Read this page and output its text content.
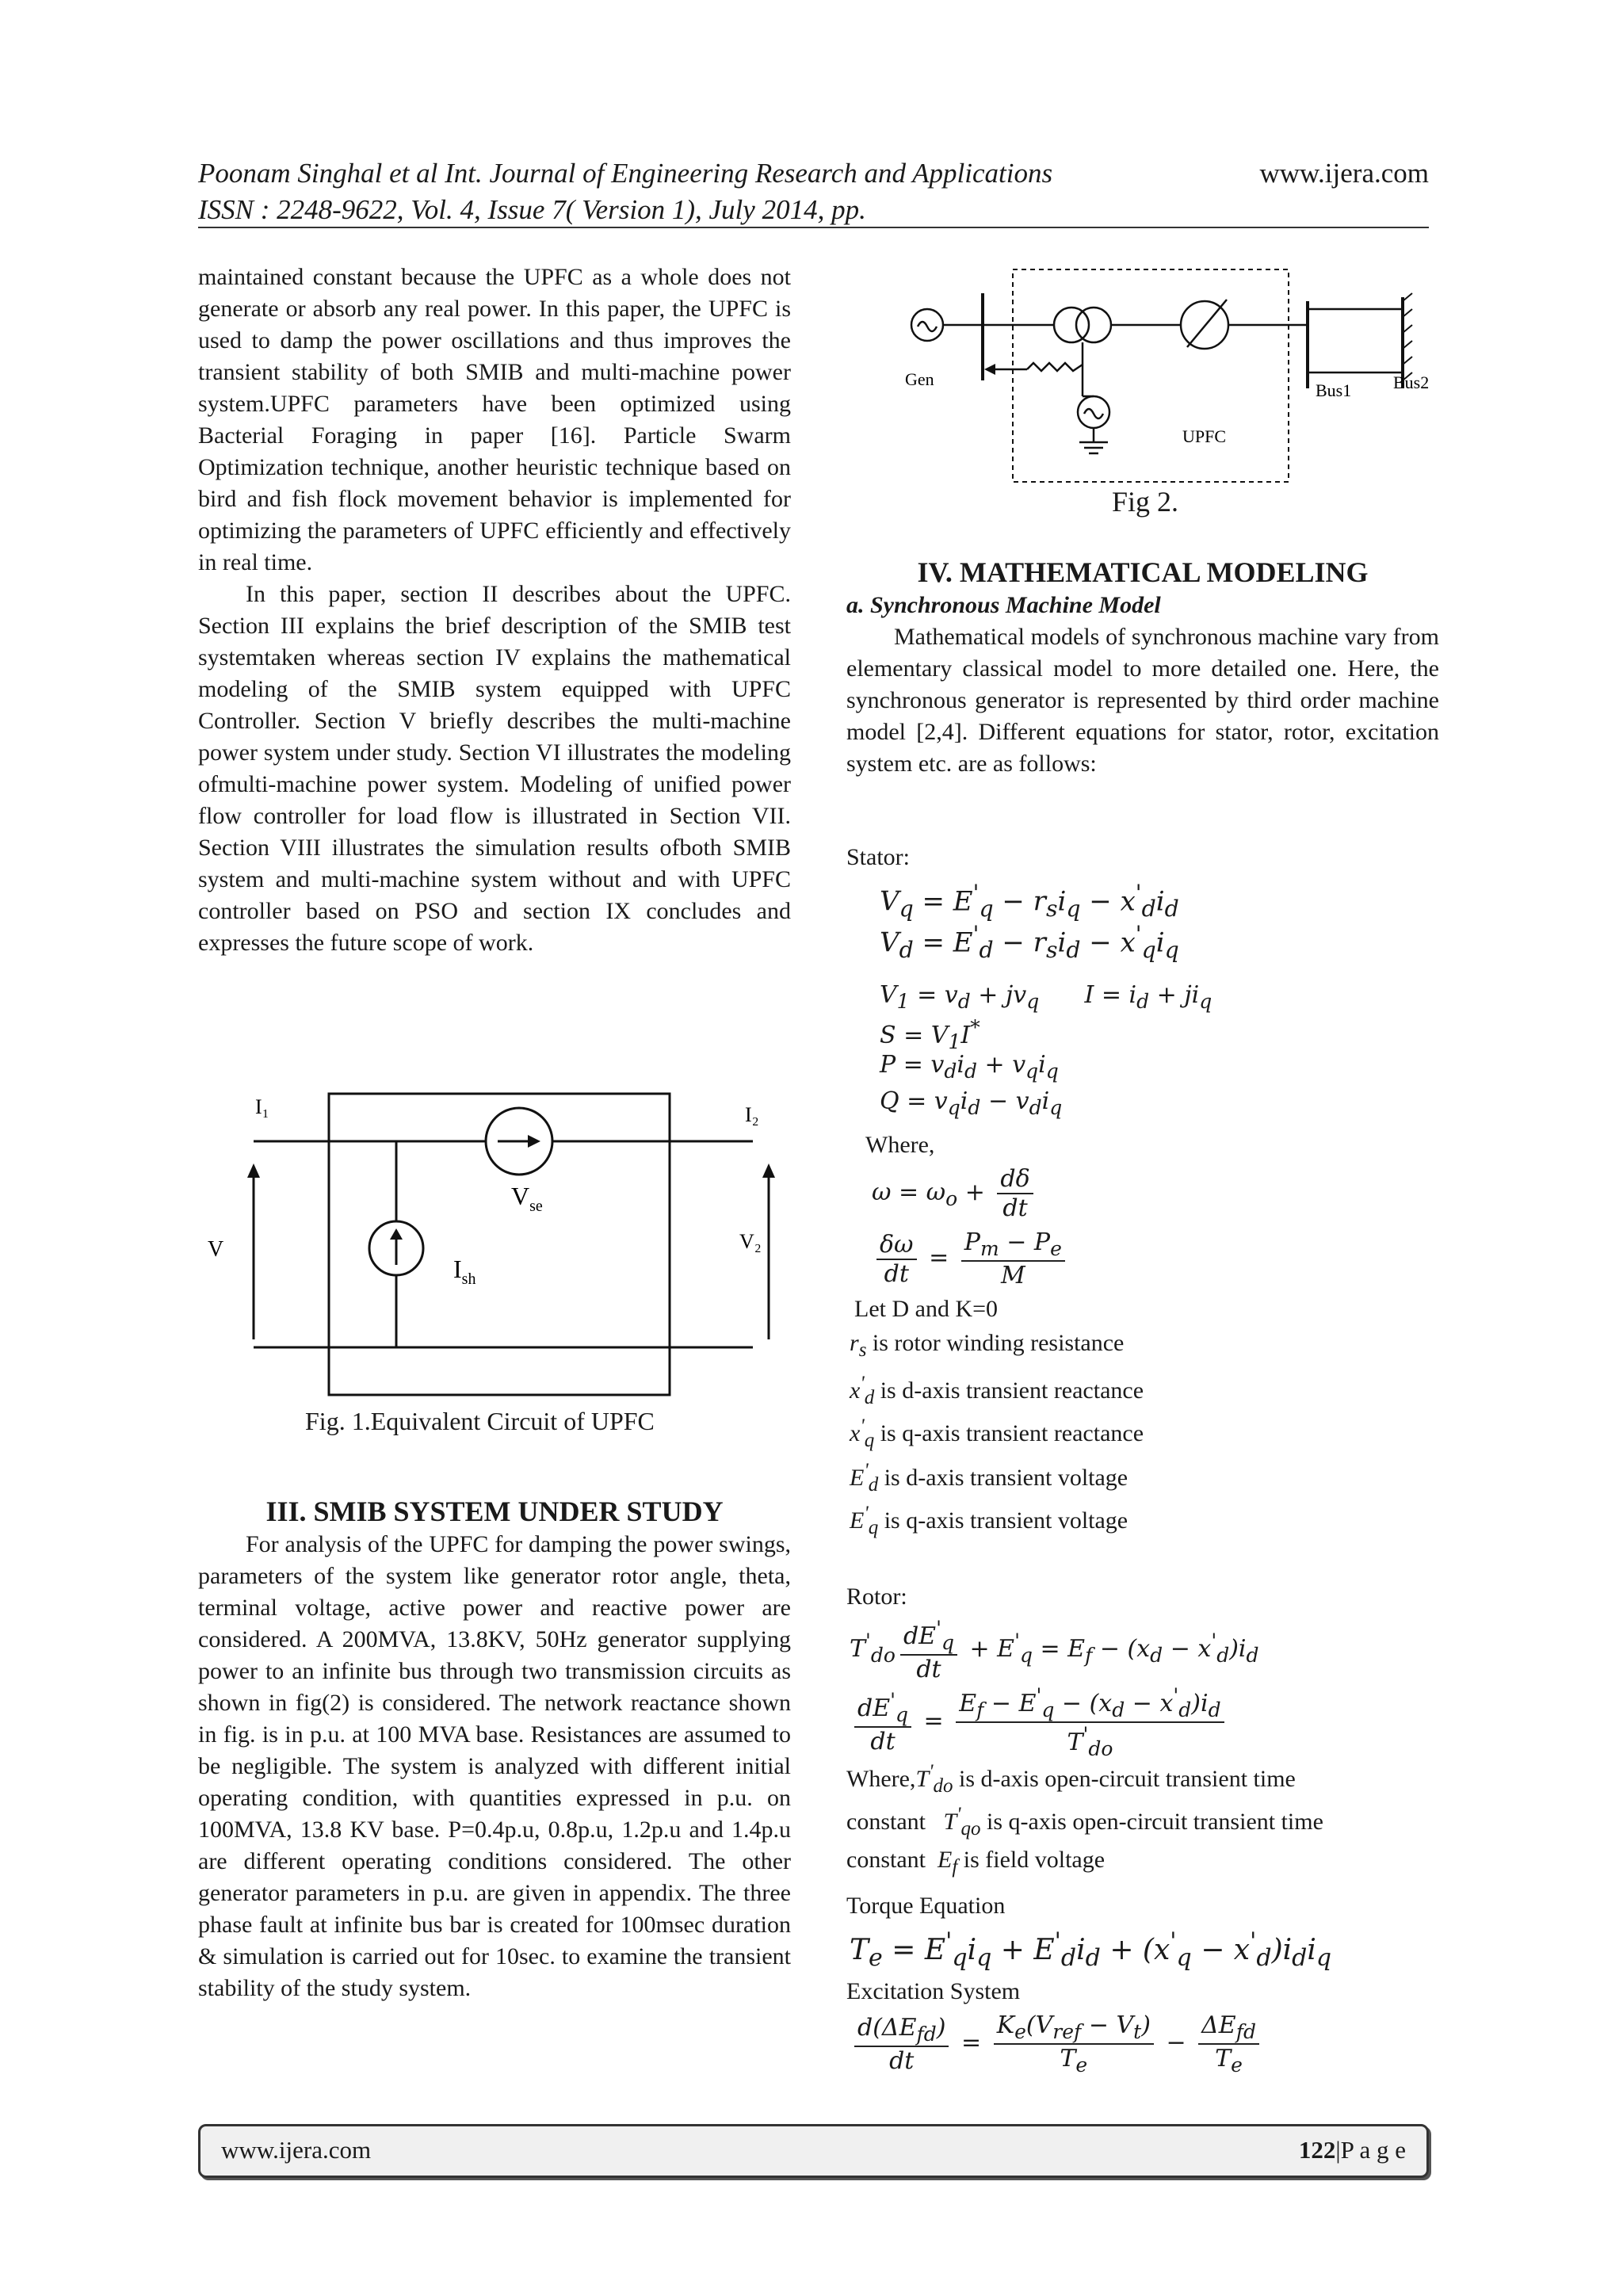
Poonam Singhal et al Int. Journal of Engineering Research and Applications
ISSN : 2248-9622, Vol. 4, Issue 7( Version 1), July 2014, pp.
www.ijera.com

maintained constant because the UPFC as a whole does not generate or absorb any real power. In this paper, the UPFC is used to damp the power oscillations and thus improves the transient stability of both SMIB and multi-machine power system.UPFC parameters have been optimized using Bacterial Foraging in paper [16]. Particle Swarm Optimization technique, another heuristic technique based on bird and fish flock movement behavior is implemented for optimizing the parameters of UPFC efficiently and effectively in real time.

In this paper, section II describes about the UPFC. Section III explains the brief description of the SMIB test systemtaken whereas section IV explains the mathematical modeling of the SMIB system equipped with UPFC Controller. Section V briefly describes the multi-machine power system under study. Section VI illustrates the modeling ofmulti-machine power system. Modeling of unified power flow controller for load flow is illustrated in Section VII. Section VIII illustrates the simulation results ofboth SMIB system and multi-machine system without and with UPFC controller based on PSO and section IX concludes and expresses the future scope of work.

I₁	I₂
V	V₂
$V_{se}$
$I_{sh}$
Fig. 1.Equivalent Circuit of UPFC
III. SMIB SYSTEM UNDER STUDY

For analysis of the UPFC for damping the power swings, parameters of the system like generator rotor angle, theta, terminal voltage, active power and reactive power are considered. A 200MVA, 13.8KV, 50Hz generator supplying power to an infinite bus through two transmission circuits as shown in fig(2) is considered. The network reactance shown in fig. is in p.u. at 100 MVA base. Resistances are assumed to be negligible. The system is analyzed with different initial operating condition, with quantities expressed in p.u. on 100MVA, 13.8 KV base. P=0.4p.u, 0.8p.u, 1.2p.u and 1.4p.u are different operating conditions considered. The other generator parameters in p.u. are given in appendix. The three phase fault at infinite bus bar is created for 100msec duration & simulation is carried out for 10sec. to examine the transient stability of the study system.

Gen
Bus1 Bus2
UPFC
Fig 2.
IV. MATHEMATICAL MODELING
a. Synchronous Machine Model

Mathematical models of synchronous machine vary from elementary classical model to more detailed one. Here, the synchronous generator is represented by third order machine model [2,4]. Different equations for stator, rotor, excitation system etc. are as follows:

Stator:
$V_q = E'_q - r_si_q - x'_di_d$
$V_d = E'_d - r_si_d - x'_qi_q$
$V_1 = v_d + jv_q$      $I = i_d + ji_q$
$S = V_1I^*$
$P = v_di_d + v_qi_q$
$Q = v_qi_d - v_di_q$
Where,
$\omega = \omega_o + \frac{d\delta}{dt}$
$\frac{\delta\omega}{dt} = \frac{P_m - P_e}{M}$
Let D and K=0
$r_s$ is rotor winding resistance
$x'_d$ is d-axis transient reactance
$x'_q$ is q-axis transient reactance
$E'_d$ is d-axis transient voltage
$E'_q$ is q-axis transient voltage
Rotor:
$T'_{do} \frac{dE'_q}{dt} + E'_q = E_f - (x_d - x'_d)i_d$
$\frac{dE'_q}{dt} = \frac{E_f - E'_q - (x_d - x'_d)i_d}{T'_{do}}$
$Where,T'_{do}$ is d-axis open-circuit transient time
constant $T'_{qo}$ is q-axis open-circuit transient time
constant $E_f$ is field voltage
Torque Equation
$T_e = E'_qi_q + E'_di_d + (x'_q - x'_d)i_di_q$
Excitation System
$\frac{d(\Delta E_{fd})}{dt} = \frac{K_e(V_{ref} - V_t)}{T_e} - \frac{\Delta E_{fd}}{T_e}$
www.ijera.com	122|P a g e
